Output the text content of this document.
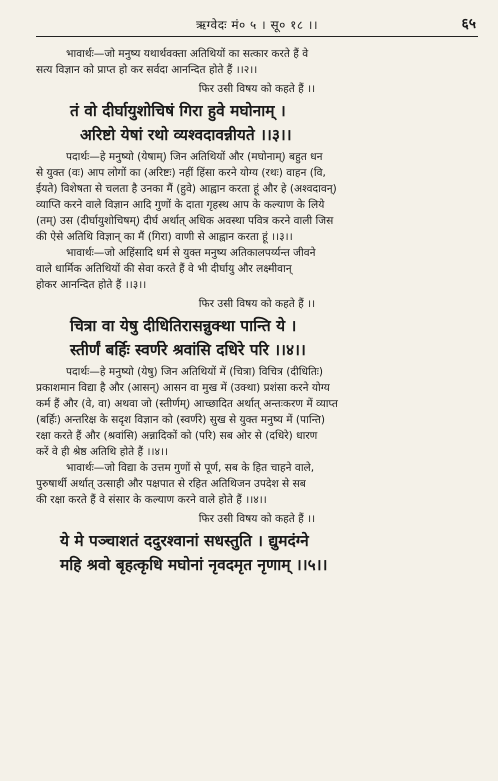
ऋग्वेदः मं० ५ । सू० १८ ।।	६५

भावार्थः—जो मनुष्य यथार्थवक्ता अतिथियों का सत्कार करते हैं वे

सत्य विज्ञान को प्राप्त हो कर सर्वदा आनन्दित होते हैं ।।२।।

फिर उसी विषय को कहते हैं ।।

तं वो दीर्घायुशोचिषं गिरा हुवे मघोनाम् ।

अरिष्टो येषां रथो व्यश्वदावन्नीयते ।।३।।

पदार्थः—हे मनुष्यो (येषाम्) जिन अतिथियों और (मघोनाम्) बहुत धन

से युक्त (वः) आप लोगों का (अरिष्टः) नहीं हिंसा करने योग्य (रथः) वाहन (वि,

ईयते) विशेषता से चलता है उनका मैं (हुवे) आह्वान करता हूं और हे (अश्वदावन्)

व्याप्ति करने वाले विज्ञान आदि गुणों के दाता गृहस्थ आप के कल्याण के लिये

(तम्) उस (दीर्घायुशोचिषम्) दीर्घ अर्थात् अधिक अवस्था पवित्र करने वाली जिस

की ऐसे अतिथि विज्ञान् का मैं (गिरा) वाणी से आह्वान करता हूं ।।३।।

भावार्थः—जो अहिंसादि धर्म से युक्त मनुष्य अतिकालपर्य्यन्त जीवने

वाले धार्मिक अतिथियों की सेवा करते हैं वे भी दीर्घायु और लक्ष्मीवान्

होकर आनन्दित होते हैं ।।३।।

फिर उसी विषय को कहते हैं ।।

चित्रा वा येषु दीधितिरासन्नुक्था पान्ति ये ।

स्तीर्णं बर्हिः स्वर्णरे श्रवांसि दधिरे परि ।।४।।

पदार्थः—हे मनुष्यो (येषु) जिन अतिथियों में (चित्रा) विचित्र (दीधितिः)

प्रकाशमान विद्या है और (आसन्) आसन वा मुख में (उक्था) प्रशंसा करने योग्य

कर्म हैं और (वे, वा) अथवा जो (स्तीर्णम्) आच्छादित अर्थात् अन्तःकरण में व्याप्त

(बर्हिः) अन्तरिक्ष के सदृश विज्ञान को (स्वर्णरे) सुख से युक्त मनुष्य में (पान्ति)

रक्षा करते हैं और (श्रवांसि) अन्नादिकों को (परि) सब ओर से (दधिरे) धारण

करें वे ही श्रेष्ठ अतिथि होते हैं ।।४।।

भावार्थः—जो विद्या के उत्तम गुणों से पूर्ण, सब के हित चाहने वाले,

पुरुषार्थी अर्थात् उत्साही और पक्षपात से रहित अतिथिजन उपदेश से सब

की रक्षा करते हैं वे संसार के कल्याण करने वाले होते हैं ।।४।।

फिर उसी विषय को कहते हैं ।।

ये मे पञ्चाशतं ददुरश्वानां सधस्तुति । द्युमदंग्ने

महि श्रवो बृहत्कृधि मघोनां नृवदमृत नृणाम् ।।५।।
